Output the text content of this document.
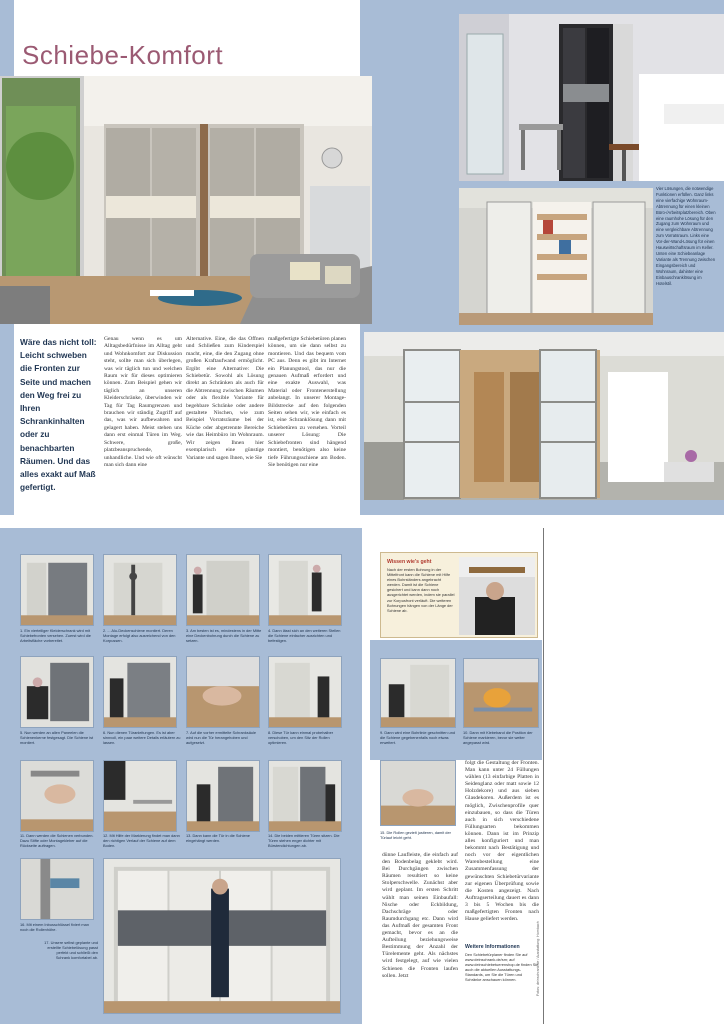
Schiebe-Komfort
Vier Lösungen, die notwendige Funktionen erfüllen. Ganz links eine vierfachige Wohnraum-Abtrennung für einen kleinen Büro-/Arbeitsplatzbereich. Oben eine raumhohe Lösung für den Zugang zum Wohnraum und eine vergleichbare Abtrennung zum Vorratsraum. Links eine Vor-der-Wand-Lösung für einen Hauswirtschaftsraum im Keller. Unten eine Schiebeanlage Variante als Trennung zwischen Eingangsbereich und Wohnraum, dahinter eine Einbauschranklösung im Hotelstil.
Wäre das nicht toll: Leicht schweben die Fronten zur Seite und machen den Weg frei zu Ihren Schrankinhalten oder zu benachbarten Räumen. Und das alles exakt auf Maß gefertigt.
Genau wenn es um Alltagsbedürfnisse im Alltag geht und Wohnkomfort zur Diskussion steht, sollte man sich überlegen, was wir täglich tun und welchen Raum wir für dieses optimieren können. Zum Beispiel gehen wir täglich an unseren Kleiderschränke, überwinden wir Tag für Tag Raumgrenzen und brauchen wir ständig Zugriff auf das, was wir aufbewahren und gelagert haben. Meist stehen uns dann erst einmal Türen im Weg. Schwere, große, platzbeanspruchende, unhandliche. Und wie oft wünscht man sich dann eine
Alternative. Eine, die das Öffnen und Schließen zum Kinderspiel macht, eine, die den Zugang ohne großen Kraftaufwand ermöglicht. Ergibt eine Alternative: Die Schiebetür. Sowohl als Lösung direkt an Schränken als auch für die Abtrennung zwischen Räumen oder als flexible Variante für begehbare Schränke oder andere gestaltete Nischen, wie zum Beispiel Vorratsräume bei der Küche oder abgetrennte Bereiche wie das Heimbüro im Wohnraum. Wir zeigen Ihnen hier exemplarisch eine günstige Variante und sagen Ihnen, wie Sie
maßgefertigte Schiebetüren planen können, um sie dann selbst zu montieren. Und das bequem vom PC aus. Denn es gibt im Internet ein Planungstool, das nur die genauen Aufmaß erfordert und eine exakte Auswahl, was Material oder Frontenerstellung anbelangt. In unserer Montage-Bildstrecke auf den folgenden Seiten sehen wir, wie einfach es ist, eine Schranklösung dann mit Schiebetüren zu versehen. Vorteil unserer Lösung: Die Schiebefronten sind hängend montiert, benötigen also keine tiefe Führungsschiene am Boden. Sie benötigen nur eine
1. Ein vierteiliger Kleiderschrank wird mit Schiebefronten versehen. Zuerst wird die Arbeitsfläche vorbereitet.
2. ... Alu-Deckenschiene montiert. Deren Montage erfolgt also ausreichend von den Korpussen.
3. Am besten ist es, mindestens in der Mitte eine Deckenbohrung durch die Schiene zu setzen.
4. Dann lässt sich an den weiteren Stellen die Schiene einfacher ausrichten und befestigen.
5. Nun werden an allen Paneelen die Schienenkerne festgesagt. Die Schiene ist montiert.
6. Nun dienen Türanleitungen. Es ist aber sinnvoll, ein paar weitere Details erläutern zu lassen.
7. Auf die vorher ermittelte Schranksäule wird nun die Tür herangehoben und aufgesetzt.
8. Diese Tür kann einmal probehalber verschoben, um den Sitz der Rollen optimieren.
11. Dann werden die Schienen verbunden. Dazu Stifte oder Montagekleber auf die Rückseite auftragen.
12. Mit Hilfe der Markierung findet man dann den richtigen Verlauf der Schiene auf dem Boden.
13. Dann kann die Tür in die Schiene eingehängt werden.
14. Die beiden mittleren Türen sitzen. Die Türen stehen enger dichter mit Bürstendichtungen ab.
16. Mit einem Inbusschlüssel fixiert man noch die Rollenhöhe.
17. Unsere selbst geplante und erstellte Schiebelösung passt perfekt und schließt den Schrank komfortabel ab.
Wissen wie's geht
Nach der ersten Bohrung in der Mittelfront kann die Schiene mit Hilfe eines Bohrständers angebracht werden. Damit ist die Schiene gesichert und kann dann noch ausgerichtet werden, indem sie parallel zur Korpusfront verläuft. Die weiteren Bohrungen hängen von der Länge der Schiene ab.
9. Dann wird eine Bohrlinie geschnitten und die Schiene gegebenenfalls noch etwas erweitert.
10. Dann mit Klebeband die Position der Schiene markieren, bevor sie weiter angepasst wird.
15. Die Rollen gezielt justieren, damit der Türlauf leicht geht.
dünne Laufleiste, die einfach auf den Bodenbelag geklebt wird. Bei Durchgängen zwischen Räumen resultiert so keine Stolperschwelle. Zunächst aber wird geplant. Im ersten Schritt wählt man seinen Einbaufall: Nische oder Eckbildung, Dachschräge oder Raumdurchgang etc. Dann wird das Aufmaß der gesamten Front gemacht, bevor es an die Aufteilung beziehungsweise Bestimmung der Anzahl der Türelemente geht. Als nächstes wird festgelegt, auf wie vielen Schienen die Fronten laufen sollen. Jetzt
folgt die Gestaltung der Fronten. Man kann unter 24 Füllungen wählen (13 einfarbige Platten in Seidenglanz oder matt sowie 12 Holzdekore) und aus sieben Glasdekoren. Außerdem ist es möglich, Zwischenprofile quer einzubauen, so dass die Türen auch in sich verschiedene Füllungsarten bekommen können. Dann ist im Prinzip alles konfiguriert und man bekommt nach Bestätigung und noch vor der eigentlichen Warenbestellung eine Zusammenfassung der gewünschten Schiebetürvariante zur eigenen Überprüfung sowie die Kosten angezeigt. Nach Auftragserteilung dauert es dann 3 bis 5 Wochen bis die maßgefertigten Fronten nach Hause geliefert werden.
Weitere Informationen
Den Schiebetürplaner finden Sie auf www.deinschrank.de/sm; auf www.deinschiebetuerenshop.de finden Sie auch die aktuellen Ausstattungs-Standards, um Sie die Türen und Schränke anschauen können.	Fotos: deinschrank.de / Ausstattung: Hornbach
